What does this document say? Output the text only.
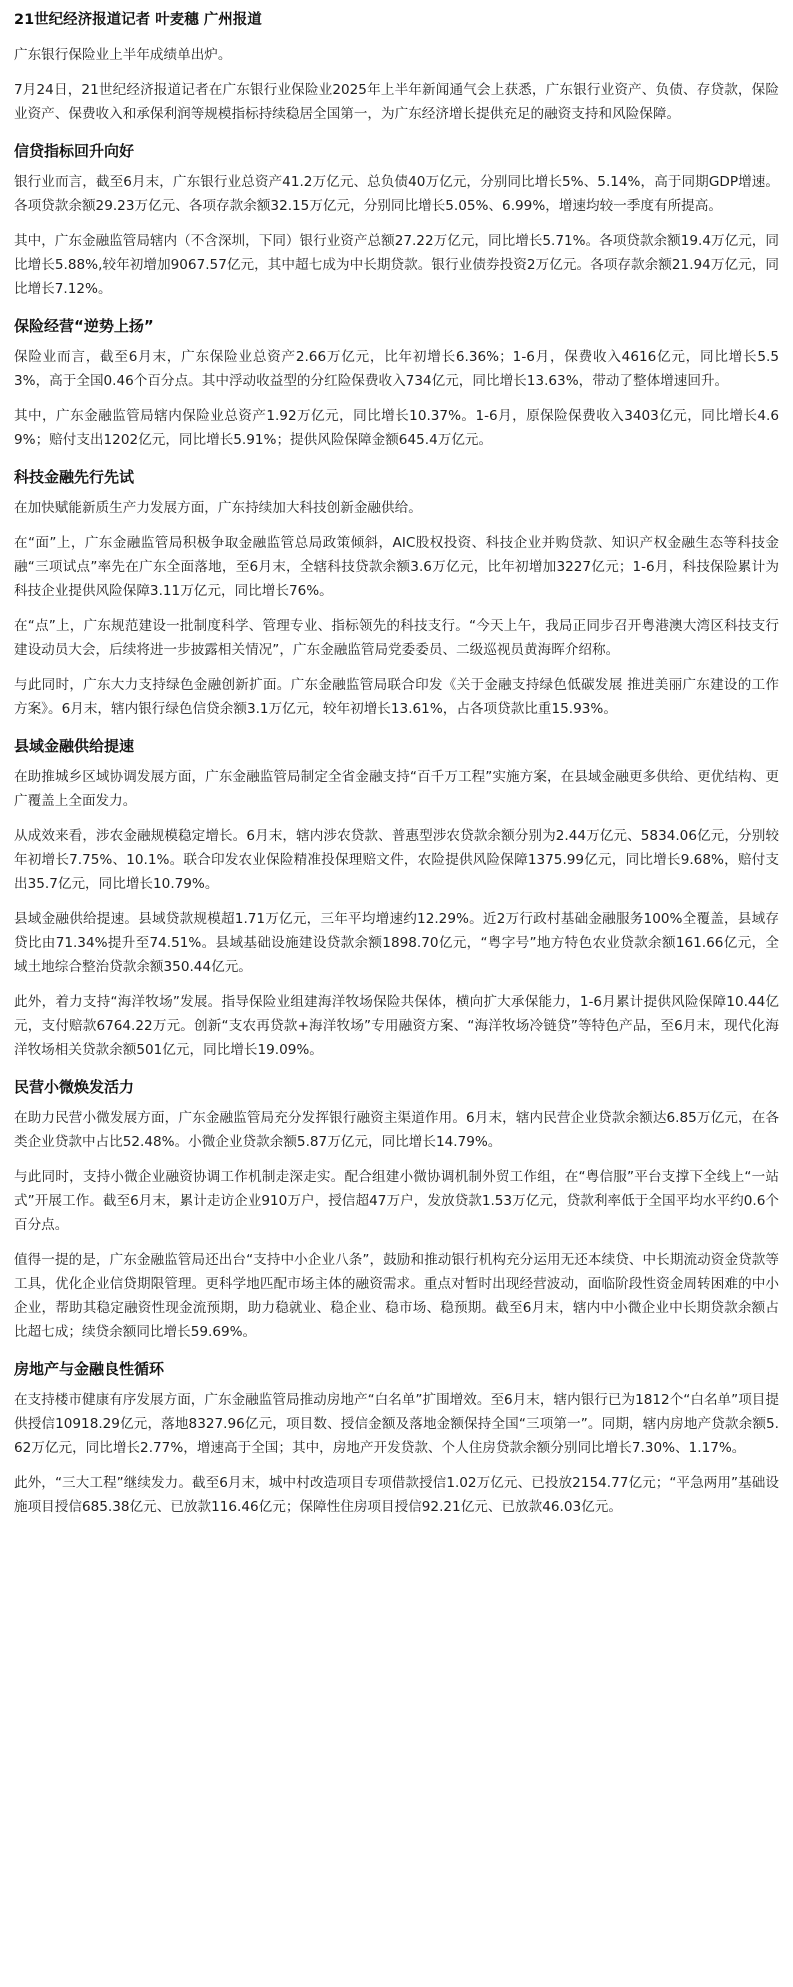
21世纪经济报道记者 叶麦穗 广州报道

广东银行保险业上半年成绩单出炉。

7月24日，21世纪经济报道记者在广东银行业保险业2025年上半年新闻通气会上获悉，广东银行业资产、负债、存贷款，保险业资产、保费收入和承保利润等规模指标持续稳居全国第一，为广东经济增长提供充足的融资支持和风险保障。

信贷指标回升向好

银行业而言，截至6月末，广东银行业总资产41.2万亿元、总负债40万亿元，分别同比增长5%、5.14%，高于同期GDP增速。各项贷款余额29.23万亿元、各项存款余额32.15万亿元，分别同比增长5.05%、6.99%，增速均较一季度有所提高。

其中，广东金融监管局辖内（不含深圳，下同）银行业资产总额27.22万亿元，同比增长5.71%。各项贷款余额19.4万亿元，同比增长5.88%,较年初增加9067.57亿元，其中超七成为中长期贷款。银行业债券投资2万亿元。各项存款余额21.94万亿元，同比增长7.12%。

保险经营“逆势上扬”

保险业而言，截至6月末，广东保险业总资产2.66万亿元，比年初增长6.36%；1-6月，保费收入4616亿元，同比增长5.53%，高于全国0.46个百分点。其中浮动收益型的分红险保费收入734亿元，同比增长13.63%，带动了整体增速回升。

其中，广东金融监管局辖内保险业总资产1.92万亿元，同比增长10.37%。1-6月，原保险保费收入3403亿元，同比增长4.69%；赔付支出1202亿元，同比增长5.91%；提供风险保障金额645.4万亿元。

科技金融先行先试

在加快赋能新质生产力发展方面，广东持续加大科技创新金融供给。

在“面”上，广东金融监管局积极争取金融监管总局政策倾斜，AIC股权投资、科技企业并购贷款、知识产权金融生态等科技金融“三项试点”率先在广东全面落地，至6月末，全辖科技贷款余额3.6万亿元，比年初增加3227亿元；1-6月，科技保险累计为科技企业提供风险保障3.11万亿元，同比增长76%。

在“点”上，广东规范建设一批制度科学、管理专业、指标领先的科技支行。“今天上午，我局正同步召开粤港澳大湾区科技支行建设动员大会，后续将进一步披露相关情况”，广东金融监管局党委委员、二级巡视员黄海晖介绍称。

与此同时，广东大力支持绿色金融创新扩面。广东金融监管局联合印发《关于金融支持绿色低碳发展 推进美丽广东建设的工作方案》。6月末，辖内银行绿色信贷余额3.1万亿元，较年初增长13.61%，占各项贷款比重15.93%。

县域金融供给提速

在助推城乡区域协调发展方面，广东金融监管局制定全省金融支持“百千万工程”实施方案，在县域金融更多供给、更优结构、更广覆盖上全面发力。

从成效来看，涉农金融规模稳定增长。6月末，辖内涉农贷款、普惠型涉农贷款余额分别为2.44万亿元、5834.06亿元，分别较年初增长7.75%、10.1%。联合印发农业保险精准投保理赔文件，农险提供风险保障1375.99亿元，同比增长9.68%，赔付支出35.7亿元，同比增长10.79%。

县域金融供给提速。县域贷款规模超1.71万亿元，三年平均增速约12.29%。近2万行政村基础金融服务100%全覆盖，县域存贷比由71.34%提升至74.51%。县域基础设施建设贷款余额1898.70亿元，“粤字号”地方特色农业贷款余额161.66亿元，全域土地综合整治贷款余额350.44亿元。

此外，着力支持“海洋牧场”发展。指导保险业组建海洋牧场保险共保体，横向扩大承保能力，1-6月累计提供风险保障10.44亿元，支付赔款6764.22万元。创新“支农再贷款+海洋牧场”专用融资方案、“海洋牧场冷链贷”等特色产品，至6月末，现代化海洋牧场相关贷款余额501亿元，同比增长19.09%。

民营小微焕发活力

在助力民营小微发展方面，广东金融监管局充分发挥银行融资主渠道作用。6月末，辖内民营企业贷款余额达6.85万亿元，在各类企业贷款中占比52.48%。小微企业贷款余额5.87万亿元，同比增长14.79%。

与此同时，支持小微企业融资协调工作机制走深走实。配合组建小微协调机制外贸工作组，在“粤信服”平台支撑下全线上“一站式”开展工作。截至6月末，累计走访企业910万户，授信超47万户，发放贷款1.53万亿元，贷款利率低于全国平均水平约0.6个百分点。

值得一提的是，广东金融监管局还出台“支持中小企业八条”，鼓励和推动银行机构充分运用无还本续贷、中长期流动资金贷款等工具，优化企业信贷期限管理。更科学地匹配市场主体的融资需求。重点对暂时出现经营波动，面临阶段性资金周转困难的中小企业，帮助其稳定融资性现金流预期，助力稳就业、稳企业、稳市场、稳预期。截至6月末，辖内中小微企业中长期贷款余额占比超七成；续贷余额同比增长59.69%。

房地产与金融良性循环

在支持楼市健康有序发展方面，广东金融监管局推动房地产“白名单”扩围增效。至6月末，辖内银行已为1812个“白名单”项目提供授信10918.29亿元，落地8327.96亿元，项目数、授信金额及落地金额保持全国“三项第一”。同期，辖内房地产贷款余额5.62万亿元，同比增长2.77%，增速高于全国；其中，房地产开发贷款、个人住房贷款余额分别同比增长7.30%、1.17%。

此外，“三大工程”继续发力。截至6月末，城中村改造项目专项借款授信1.02万亿元、已投放2154.77亿元；“平急两用”基础设施项目授信685.38亿元、已放款116.46亿元；保障性住房项目授信92.21亿元、已放款46.03亿元。
